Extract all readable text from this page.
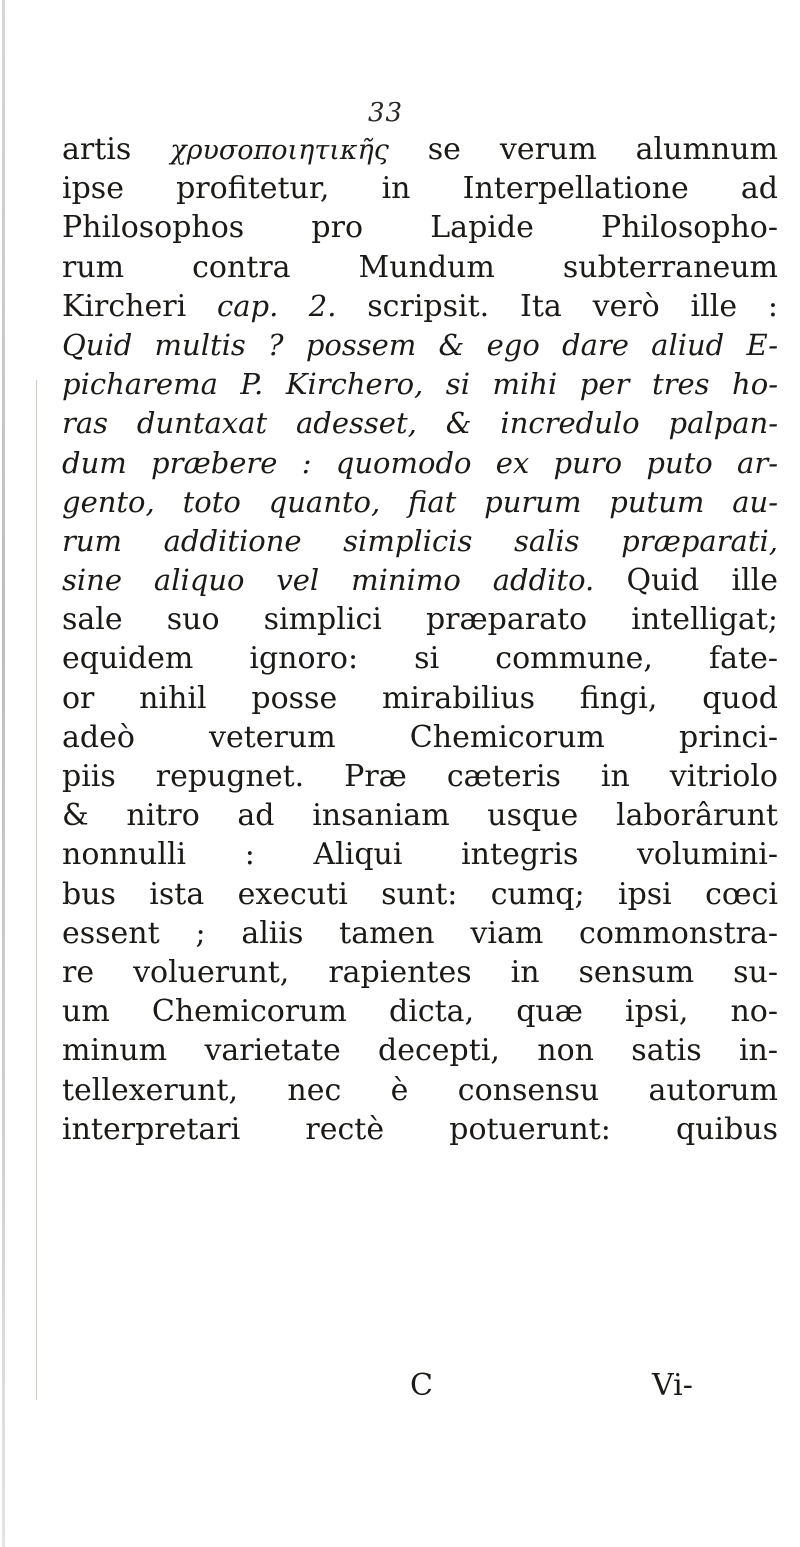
33
artis χρυσοποιητικῆς se verum alumnum
ipse profitetur, in Interpellatione ad
Philosophos pro Lapide Philosopho-
rum contra Mundum subterraneum
Kircheri cap. 2. scripsit. Ita verò ille :
Quid multis ? possem & ego dare aliud E-
picharema P. Kirchero, si mihi per tres ho-
ras duntaxat adesset, & incredulo palpan-
dum præbere : quomodo ex puro puto ar-
gento, toto quanto, fiat purum putum au-
rum additione simplicis salis præparati,
sine aliquo vel minimo addito. Quid ille
sale suo simplici præparato intelligat;
equidem ignoro: si commune, fate-
or nihil posse mirabilius fingi, quod
adeò veterum Chemicorum princi-
piis repugnet. Præ cæteris in vitriolo
& nitro ad insaniam usque laborârunt
nonnulli : Aliqui integris volumini-
bus ista executi sunt: cumq; ipsi cœci
essent ; aliis tamen viam commonstra-
re voluerunt, rapientes in sensum su-
um Chemicorum dicta, quæ ipsi, no-
minum varietate decepti, non satis in-
tellexerunt, nec è consensu autorum
interpretari rectè potuerunt: quibus
C	Vi-
